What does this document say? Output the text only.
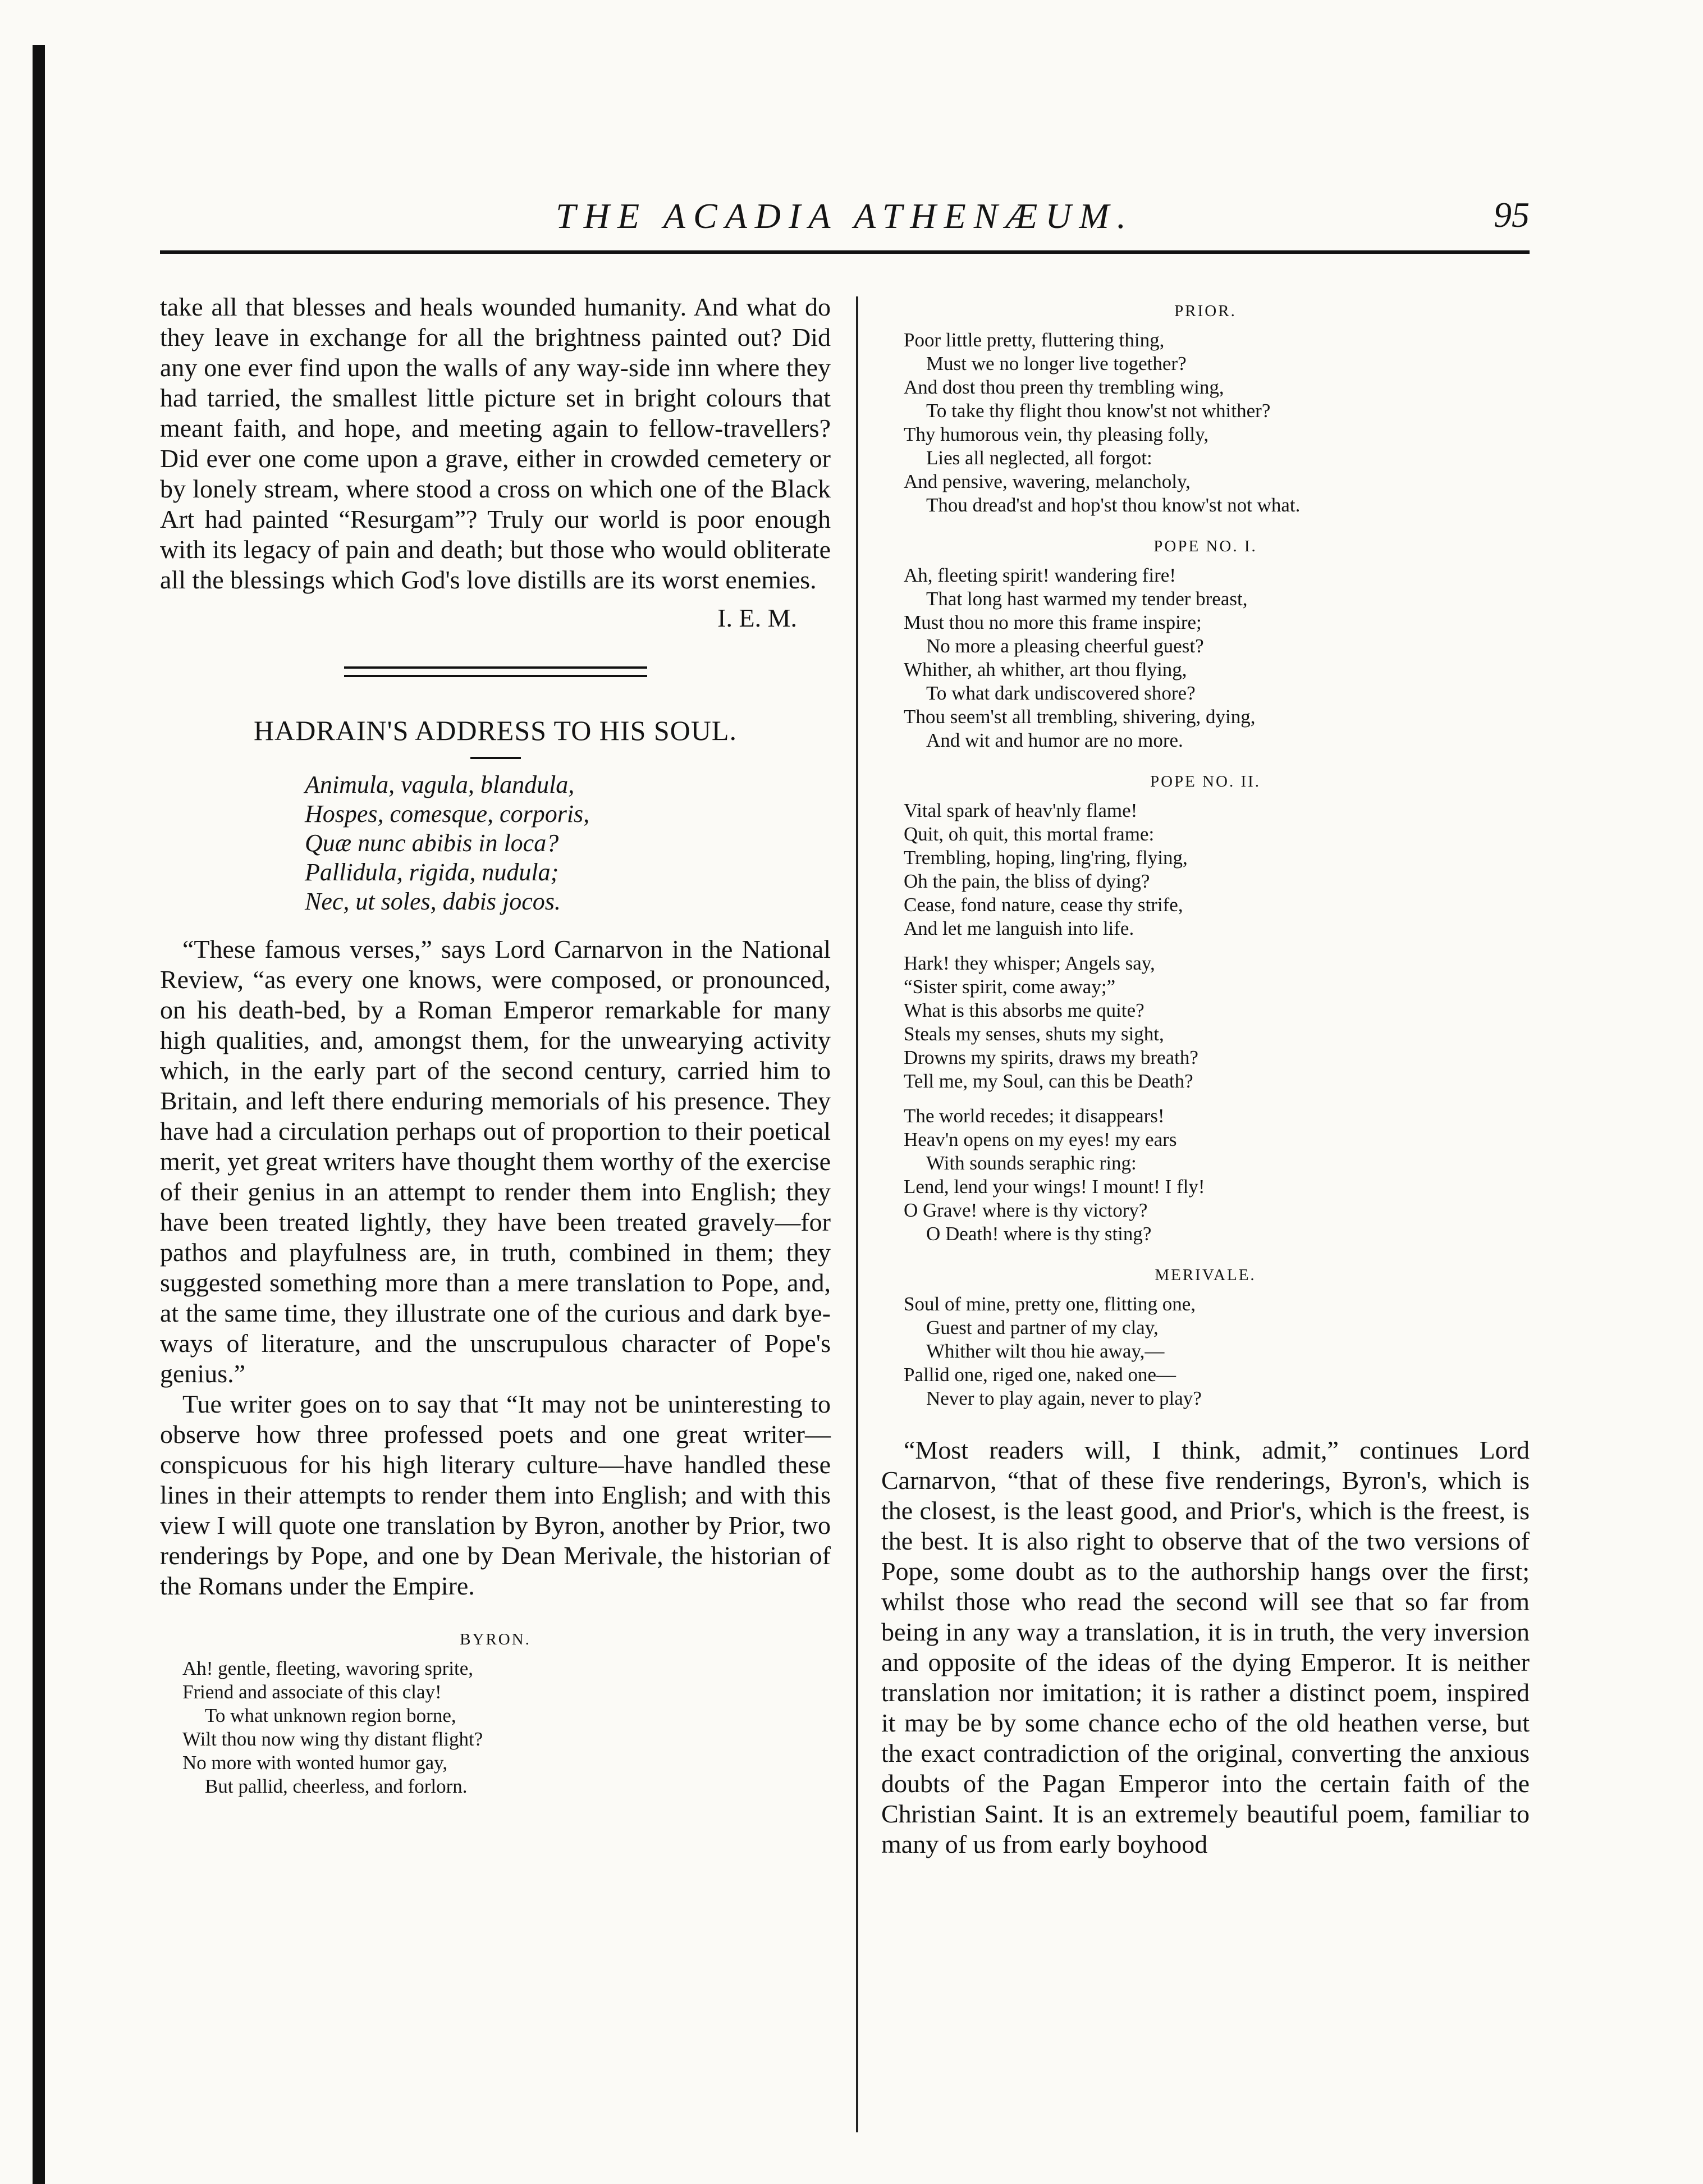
THE ACADIA ATHENÆUM.	95

take all that blesses and heals wounded humanity. And what do they leave in exchange for all the brightness painted out? Did any one ever find upon the walls of any way-side inn where they had tarried, the smallest little picture set in bright colours that meant faith, and hope, and meeting again to fellow-travellers? Did ever one come upon a grave, either in crowded cemetery or by lonely stream, where stood a cross on which one of the Black Art had painted “Resurgam”? Truly our world is poor enough with its legacy of pain and death; but those who would obliterate all the blessings which God's love distills are its worst enemies.

I. E. M.
HADRAIN'S ADDRESS TO HIS SOUL.
Animula, vagula, blandula,
Hospes, comesque, corporis,
Quæ nunc abibis in loca?
Pallidula, rigida, nudula;
Nec, ut soles, dabis jocos.

“These famous verses,” says Lord Carnarvon in the National Review, “as every one knows, were composed, or pronounced, on his death-bed, by a Roman Emperor remarkable for many high qualities, and, amongst them, for the unwearying activity which, in the early part of the second century, carried him to Britain, and left there enduring memorials of his presence. They have had a circulation perhaps out of proportion to their poetical merit, yet great writers have thought them worthy of the exercise of their genius in an attempt to render them into English; they have been treated lightly, they have been treated gravely—for pathos and playfulness are, in truth, combined in them; they suggested something more than a mere translation to Pope, and, at the same time, they illustrate one of the curious and dark bye-ways of literature, and the unscrupulous character of Pope's genius.”

Tue writer goes on to say that “It may not be uninteresting to observe how three professed poets and one great writer—conspicuous for his high literary culture—have handled these lines in their attempts to render them into English; and with this view I will quote one translation by Byron, another by Prior, two renderings by Pope, and one by Dean Merivale, the historian of the Romans under the Empire.

BYRON.
Ah! gentle, fleeting, wavoring sprite,
Friend and associate of this clay!
To what unknown region borne,
Wilt thou now wing thy distant flight?
No more with wonted humor gay,
But pallid, cheerless, and forlorn.
PRIOR.
Poor little pretty, fluttering thing,
Must we no longer live together?
And dost thou preen thy trembling wing,
To take thy flight thou know'st not whither?
Thy humorous vein, thy pleasing folly,
Lies all neglected, all forgot:
And pensive, wavering, melancholy,
Thou dread'st and hop'st thou know'st not what.
POPE NO. I.
Ah, fleeting spirit! wandering fire!
That long hast warmed my tender breast,
Must thou no more this frame inspire;
No more a pleasing cheerful guest?
Whither, ah whither, art thou flying,
To what dark undiscovered shore?
Thou seem'st all trembling, shivering, dying,
And wit and humor are no more.
POPE NO. II.
Vital spark of heav'nly flame!
Quit, oh quit, this mortal frame:
Trembling, hoping, ling'ring, flying,
Oh the pain, the bliss of dying?
Cease, fond nature, cease thy strife,
And let me languish into life.
Hark! they whisper; Angels say,
“Sister spirit, come away;”
What is this absorbs me quite?
Steals my senses, shuts my sight,
Drowns my spirits, draws my breath?
Tell me, my Soul, can this be Death?
The world recedes; it disappears!
Heav'n opens on my eyes! my ears
With sounds seraphic ring:
Lend, lend your wings! I mount! I fly!
O Grave! where is thy victory?
O Death! where is thy sting?
MERIVALE.
Soul of mine, pretty one, flitting one,
Guest and partner of my clay,
Whither wilt thou hie away,—
Pallid one, riged one, naked one—
Never to play again, never to play?

“Most readers will, I think, admit,” continues Lord Carnarvon, “that of these five renderings, Byron's, which is the closest, is the least good, and Prior's, which is the freest, is the best. It is also right to observe that of the two versions of Pope, some doubt as to the authorship hangs over the first; whilst those who read the second will see that so far from being in any way a translation, it is in truth, the very inversion and opposite of the ideas of the dying Emperor. It is neither translation nor imitation; it is rather a distinct poem, inspired it may be by some chance echo of the old heathen verse, but the exact contradiction of the original, converting the anxious doubts of the Pagan Emperor into the certain faith of the Christian Saint. It is an extremely beautiful poem, familiar to many of us from early boyhood
